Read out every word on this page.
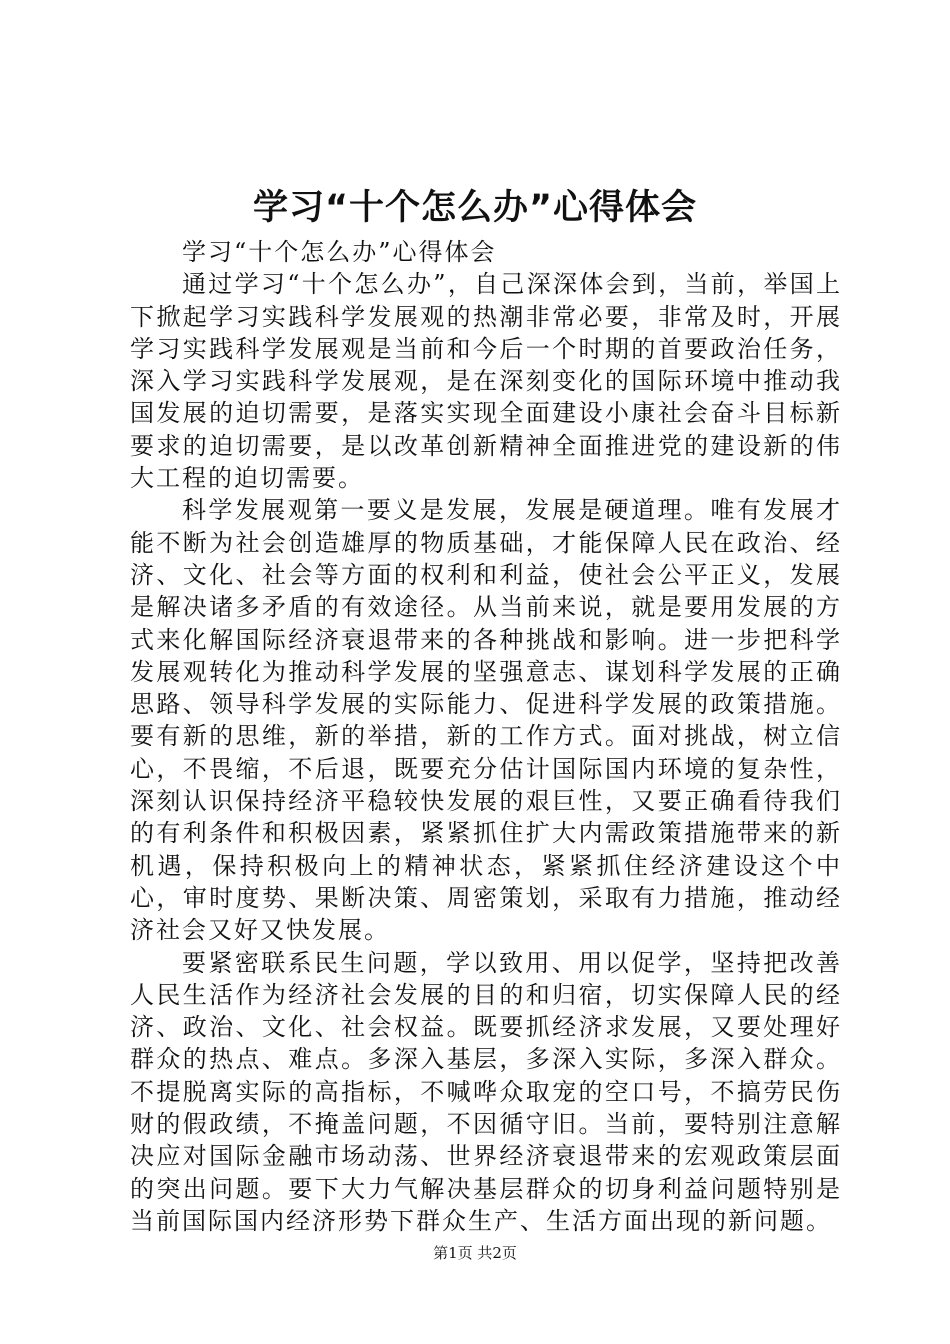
学习“十个怎么办”心得体会

学习“十个怎么办”心得体会

通过学习“十个怎么办”，自己深深体会到，当前，举国上下掀起学习实践科学发展观的热潮非常必要，非常及时，开展学习实践科学发展观是当前和今后一个时期的首要政治任务，深入学习实践科学发展观，是在深刻变化的国际环境中推动我国发展的迫切需要，是落实实现全面建设小康社会奋斗目标新要求的迫切需要，是以改革创新精神全面推进党的建设新的伟大工程的迫切需要。

科学发展观第一要义是发展，发展是硬道理。唯有发展才能不断为社会创造雄厚的物质基础，才能保障人民在政治、经济、文化、社会等方面的权利和利益，使社会公平正义，发展是解决诸多矛盾的有效途径。从当前来说，就是要用发展的方式来化解国际经济衰退带来的各种挑战和影响。进一步把科学发展观转化为推动科学发展的坚强意志、谋划科学发展的正确思路、领导科学发展的实际能力、促进科学发展的政策措施。要有新的思维，新的举措，新的工作方式。面对挑战，树立信心，不畏缩，不后退，既要充分估计国际国内环境的复杂性，深刻认识保持经济平稳较快发展的艰巨性，又要正确看待我们的有利条件和积极因素，紧紧抓住扩大内需政策措施带来的新机遇，保持积极向上的精神状态，紧紧抓住经济建设这个中心，审时度势、果断决策、周密策划，采取有力措施，推动经济社会又好又快发展。

要紧密联系民生问题，学以致用、用以促学，坚持把改善人民生活作为经济社会发展的目的和归宿，切实保障人民的经济、政治、文化、社会权益。既要抓经济求发展，又要处理好群众的热点、难点。多深入基层，多深入实际，多深入群众。不提脱离实际的高指标，不喊哗众取宠的空口号，不搞劳民伤财的假政绩，不掩盖问题，不因循守旧。当前，要特别注意解决应对国际金融市场动荡、世界经济衰退带来的宏观政策层面的突出问题。要下大力气解决基层群众的切身利益问题特别是当前国际国内经济形势下群众生产、生活方面出现的新问题。

第1页 共2页
